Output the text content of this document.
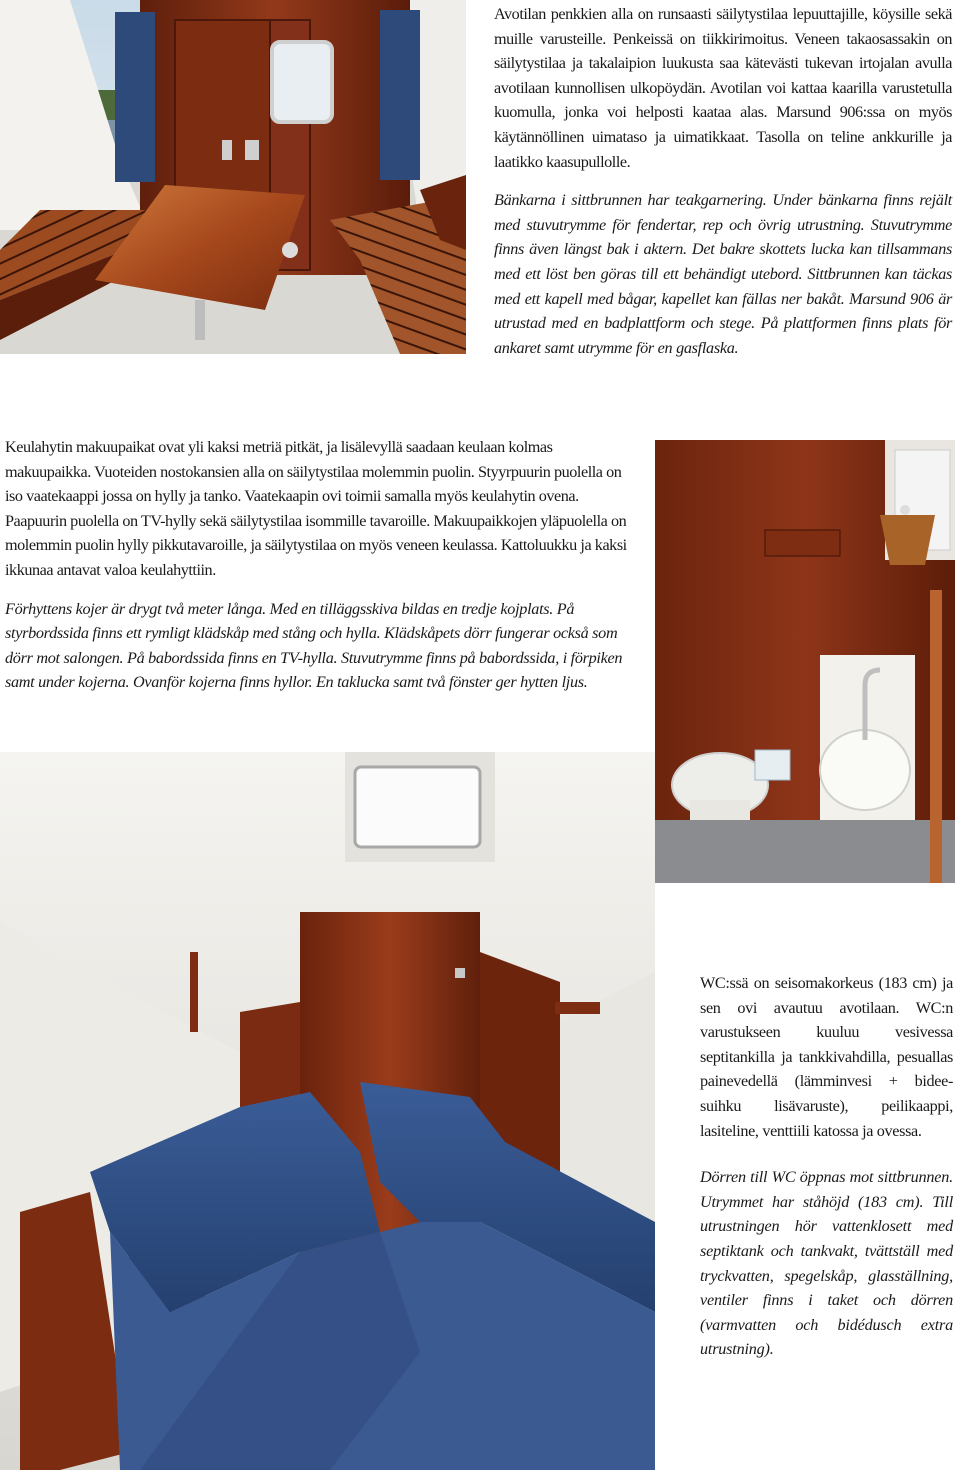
Avotilan penkkien alla on runsaasti säilytystilaa lepuuttajille, köysille sekä muille varusteille. Penkeissä on tiikkirimoitus. Veneen takaosassakin on säilytystilaa ja takalaipion luukusta saa kätevästi tukevan irtojalan avulla avotilaan kunnollisen ulkopöydän. Avotilan voi kattaa kaarilla varustetulla kuomulla, jonka voi helposti kaataa alas. Marsund 906:ssa on myös käytännöllinen uimataso ja uimatikkaat. Tasolla on teline ankkurille ja laatikko kaasupullolle.

Bänkarna i sittbrunnen har teakgarnering. Under bänkarna finns rejält med stuvutrymme för fendertar, rep och övrig utrustning. Stuvutrymme finns även längst bak i aktern. Det bakre skottets lucka kan tillsammans med ett löst ben göras till ett behändigt utebord. Sittbrunnen kan täckas med ett kapell med bågar, kapellet kan fällas ner bakåt. Marsund 906 är utrustad med en badplattform och stege. På plattformen finns plats för ankaret samt utrymme för en gasflaska.

Keulahytin makuupaikat ovat yli kaksi metriä pitkät, ja lisälevyllä saadaan keulaan kolmas makuupaikka. Vuoteiden nostokansien alla on säilytystilaa molemmin puolin. Styyrpuurin puolella on iso vaatekaappi jossa on hylly ja tanko. Vaatekaapin ovi toimii samalla myös keulahytin ovena. Paapuurin puolella on TV-hylly sekä säilytystilaa isommille tavaroille. Makuupaikkojen yläpuolella on molemmin puolin hylly pikkutavaroille, ja säilytystilaa on myös veneen keulassa. Kattoluukku ja kaksi ikkunaa antavat valoa keulahyttiin.

Förhyttens kojer är drygt två meter långa. Med en tilläggsskiva bildas en tredje kojplats. På styrbordssida finns ett rymligt klädskåp med stång och hylla. Klädskåpets dörr fungerar också som dörr mot salongen. På babordssida finns en TV-hylla. Stuvutrymme finns på babordssida, i förpiken samt under kojerna. Ovanför kojerna finns hyllor. En taklucka samt två fönster ger hytten ljus.

WC:ssä on seisomakorkeus (183 cm) ja sen ovi avautuu avotilaan. WC:n varustukseen kuuluu vesivessa septitankilla ja tankkivahdilla, pesuallas painevedellä (lämminvesi + bidee-suihku lisävaruste), peilikaappi, lasiteline, venttiili katossa ja ovessa.

Dörren till WC öppnas mot sittbrunnen. Utrymmet har ståhöjd (183 cm). Till utrustningen hör vattenklosett med septiktank och tankvakt, tvättställ med tryckvatten, spegelskåp, glasställning, ventiler finns i taket och dörren (varmvatten och bidédusch extra utrustning).
